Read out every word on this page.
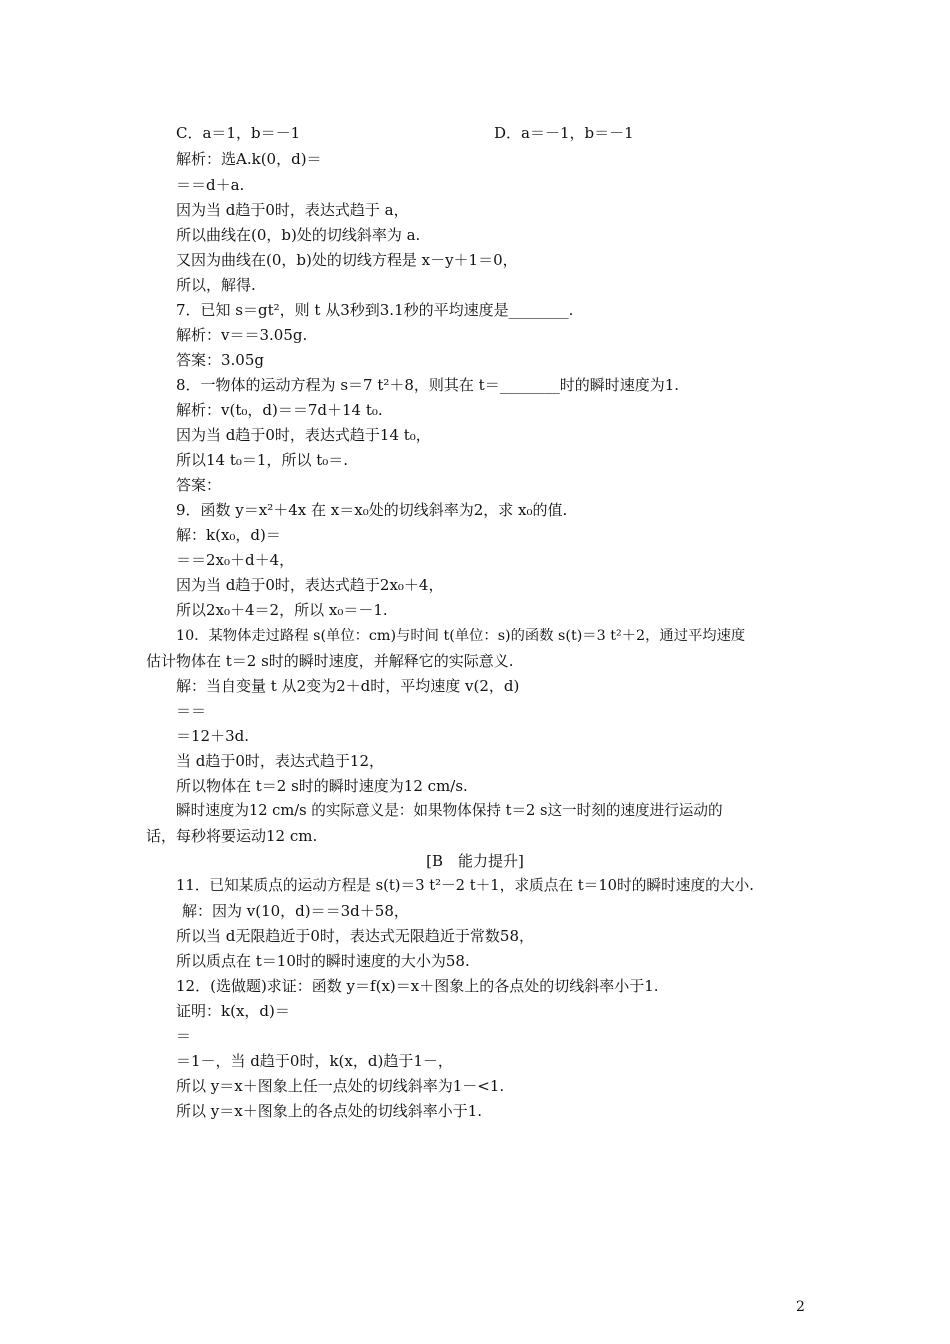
C．a＝1，b＝－1	D．a＝－1，b＝－1
解析：选A.k(0，d)＝
＝＝d＋a.
因为当 d趋于0时，表达式趋于 a，
所以曲线在(0，b)处的切线斜率为 a.
又因为曲线在(0，b)处的切线方程是 x－y＋1＝0，
所以，解得.
7．已知 s＝gt²，则 t 从3秒到3.1秒的平均速度是________.
解析：v＝＝3.05g.
答案：3.05g
8．一物体的运动方程为 s＝7 t²＋8，则其在 t＝________时的瞬时速度为1.
解析：v(t₀，d)＝＝7d＋14 t₀.
因为当 d趋于0时，表达式趋于14 t₀，
所以14 t₀＝1，所以 t₀＝.
答案：
9．函数 y＝x²＋4x 在 x＝x₀处的切线斜率为2，求 x₀的值.
解：k(x₀，d)＝
＝＝2x₀＋d＋4，
因为当 d趋于0时，表达式趋于2x₀＋4，
所以2x₀＋4＝2，所以 x₀＝－1.
10．某物体走过路程 s(单位：cm)与时间 t(单位：s)的函数 s(t)＝3 t²＋2，通过平均速度
估计物体在 t＝2 s时的瞬时速度，并解释它的实际意义.
解：当自变量 t 从2变为2＋d时，平均速度 v(2，d)
＝＝
＝12＋3d.
当 d趋于0时，表达式趋于12，
所以物体在 t＝2 s时的瞬时速度为12 cm/s.
瞬时速度为12 cm/s 的实际意义是：如果物体保持 t＝2 s这一时刻的速度进行运动的
话，每秒将要运动12 cm.
[B　能力提升]
11．已知某质点的运动方程是 s(t)＝3 t²－2 t＋1，求质点在 t＝10时的瞬时速度的大小.
解：因为 v(10，d)＝＝3d＋58，
所以当 d无限趋近于0时，表达式无限趋近于常数58，
所以质点在 t＝10时的瞬时速度的大小为58.
12．(选做题)求证：函数 y＝f(x)＝x＋图象上的各点处的切线斜率小于1.
证明：k(x，d)＝
＝
＝1－，当 d趋于0时，k(x，d)趋于1－，
所以 y＝x＋图象上任一点处的切线斜率为1－<1.
所以 y＝x＋图象上的各点处的切线斜率小于1.
2
